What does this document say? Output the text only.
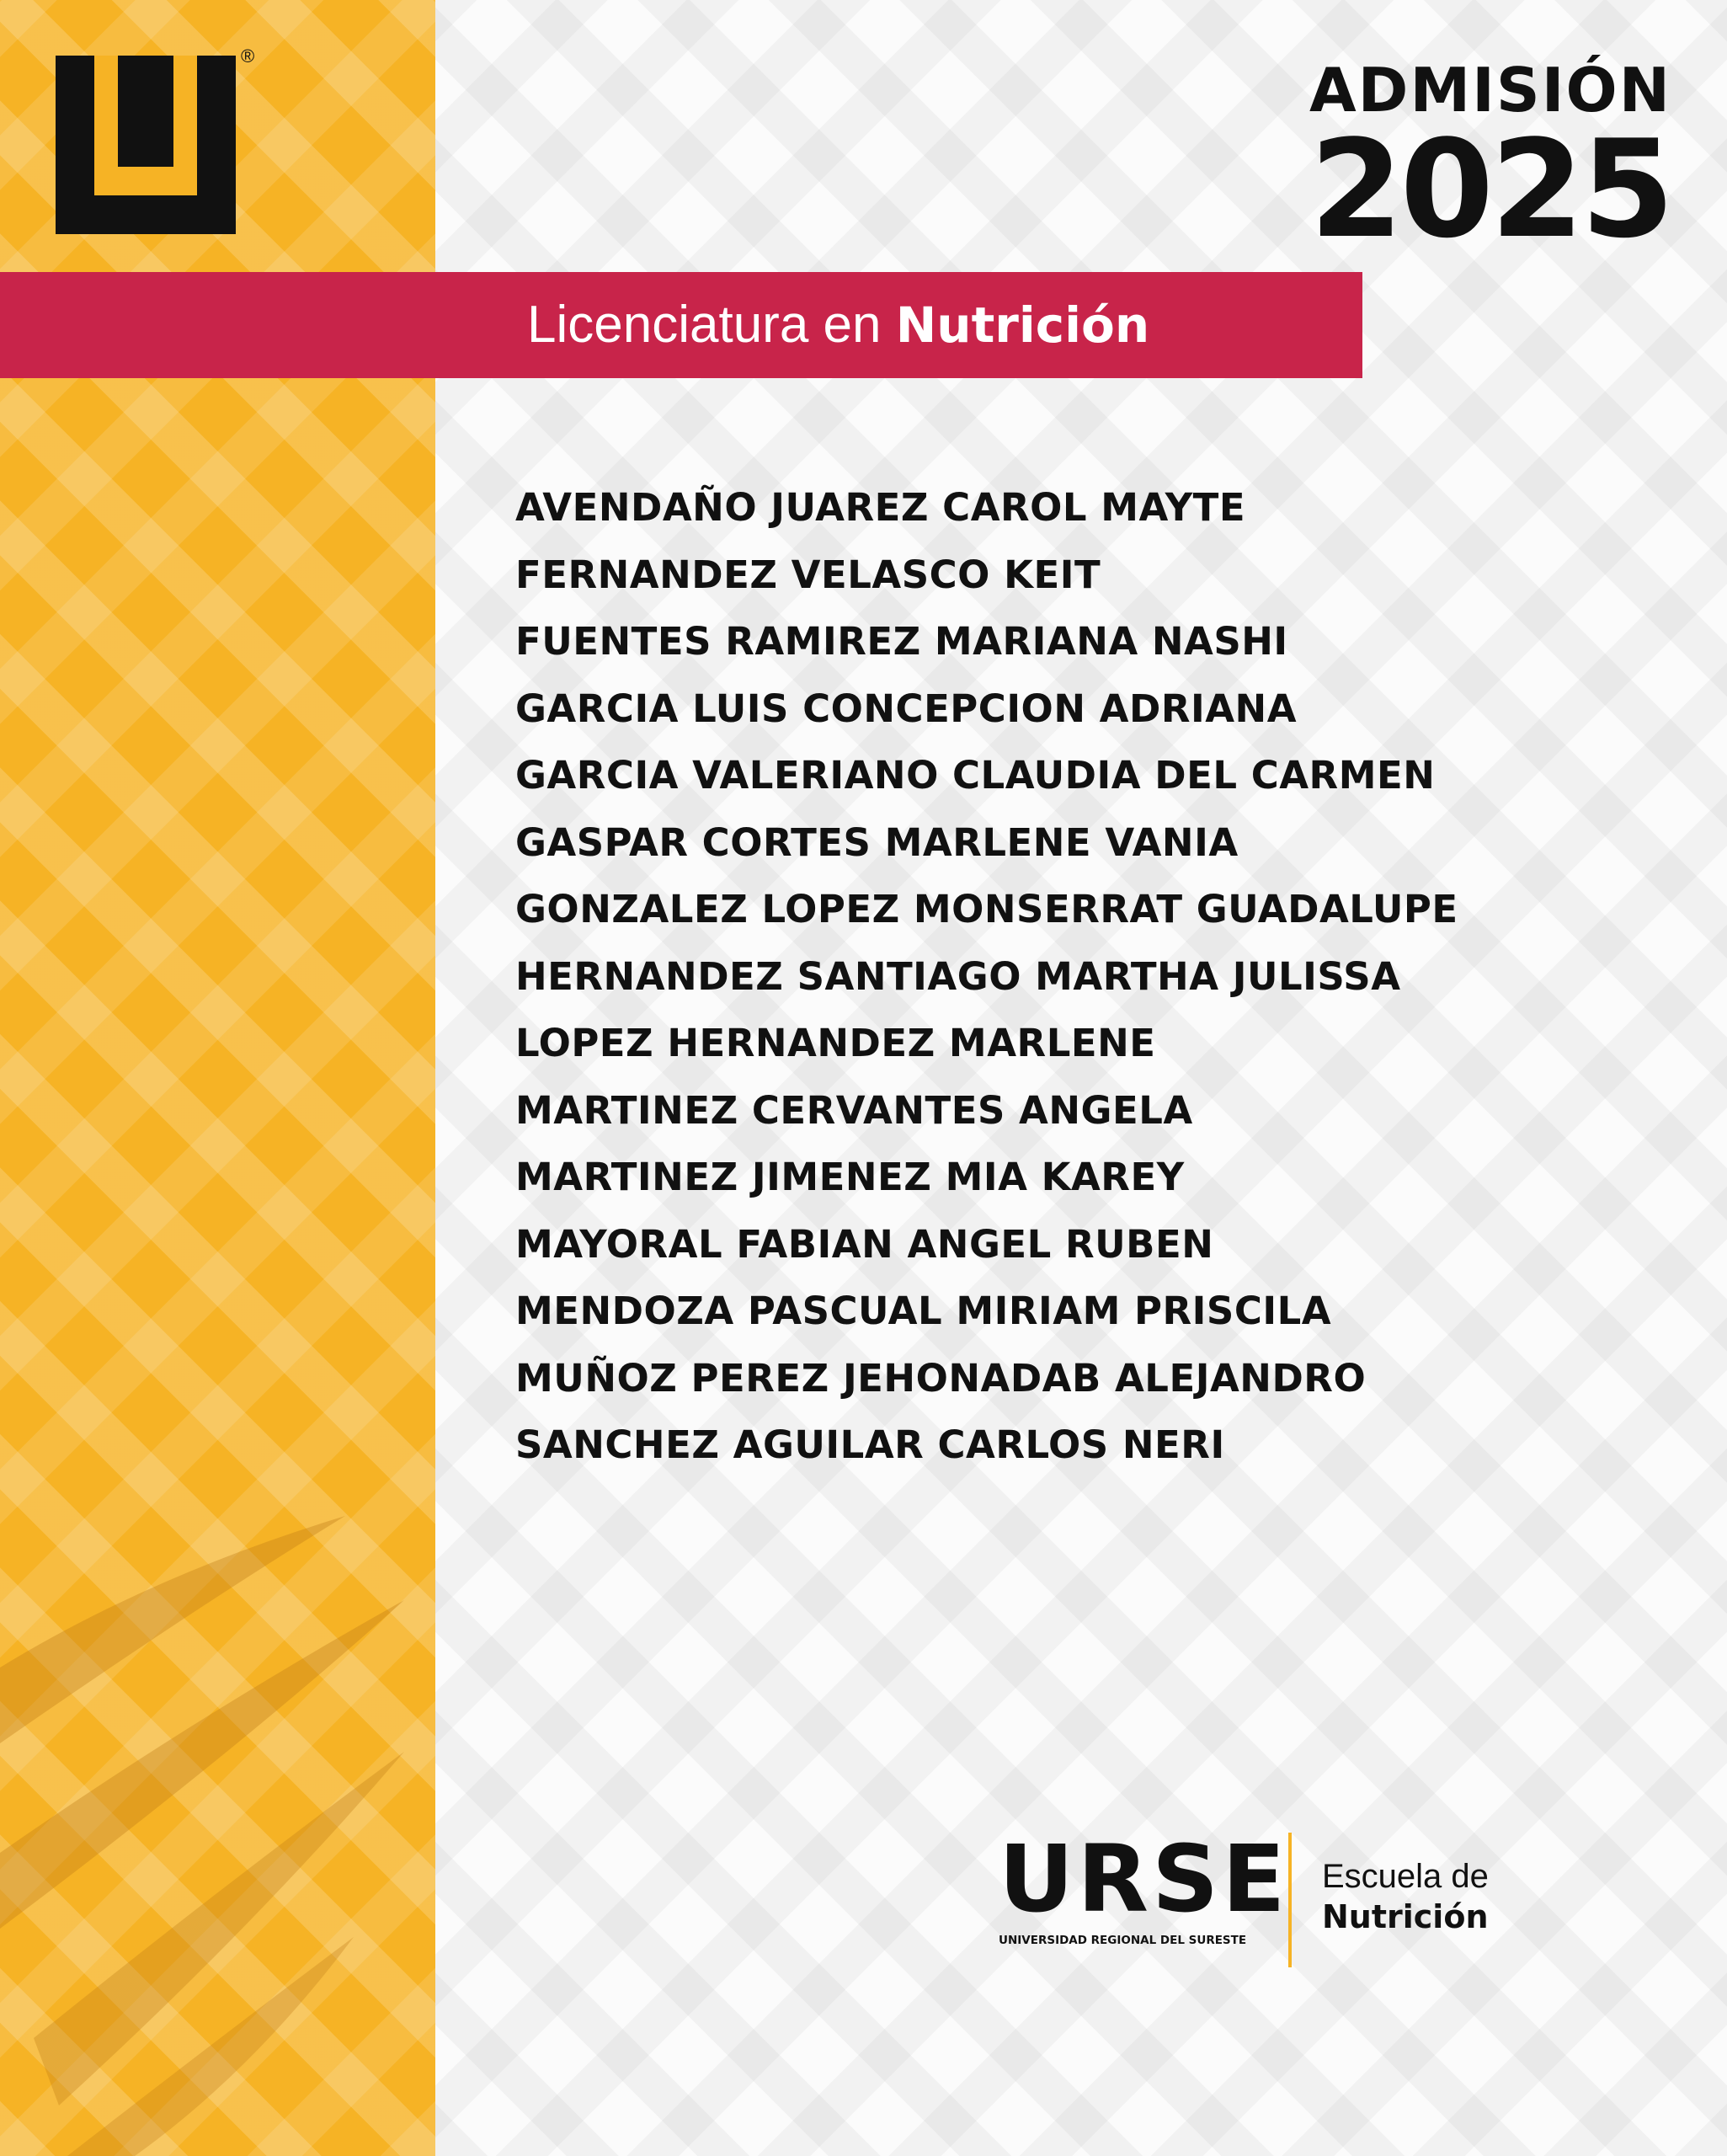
®	ADMISIÓN
2025
Licenciatura en Nutrición
AVENDAÑO JUAREZ CAROL MAYTE
FERNANDEZ VELASCO KEIT
FUENTES RAMIREZ MARIANA NASHI
GARCIA LUIS CONCEPCION ADRIANA
GARCIA VALERIANO CLAUDIA DEL CARMEN
GASPAR CORTES MARLENE VANIA
GONZALEZ LOPEZ MONSERRAT GUADALUPE
HERNANDEZ SANTIAGO MARTHA JULISSA
LOPEZ HERNANDEZ MARLENE
MARTINEZ CERVANTES ANGELA
MARTINEZ JIMENEZ MIA KAREY
MAYORAL FABIAN ANGEL RUBEN
MENDOZA PASCUAL MIRIAM PRISCILA
MUÑOZ PEREZ JEHONADAB ALEJANDRO
SANCHEZ AGUILAR CARLOS NERI
URSE
UNIVERSIDAD REGIONAL DEL SURESTE
Escuela de
Nutrición
